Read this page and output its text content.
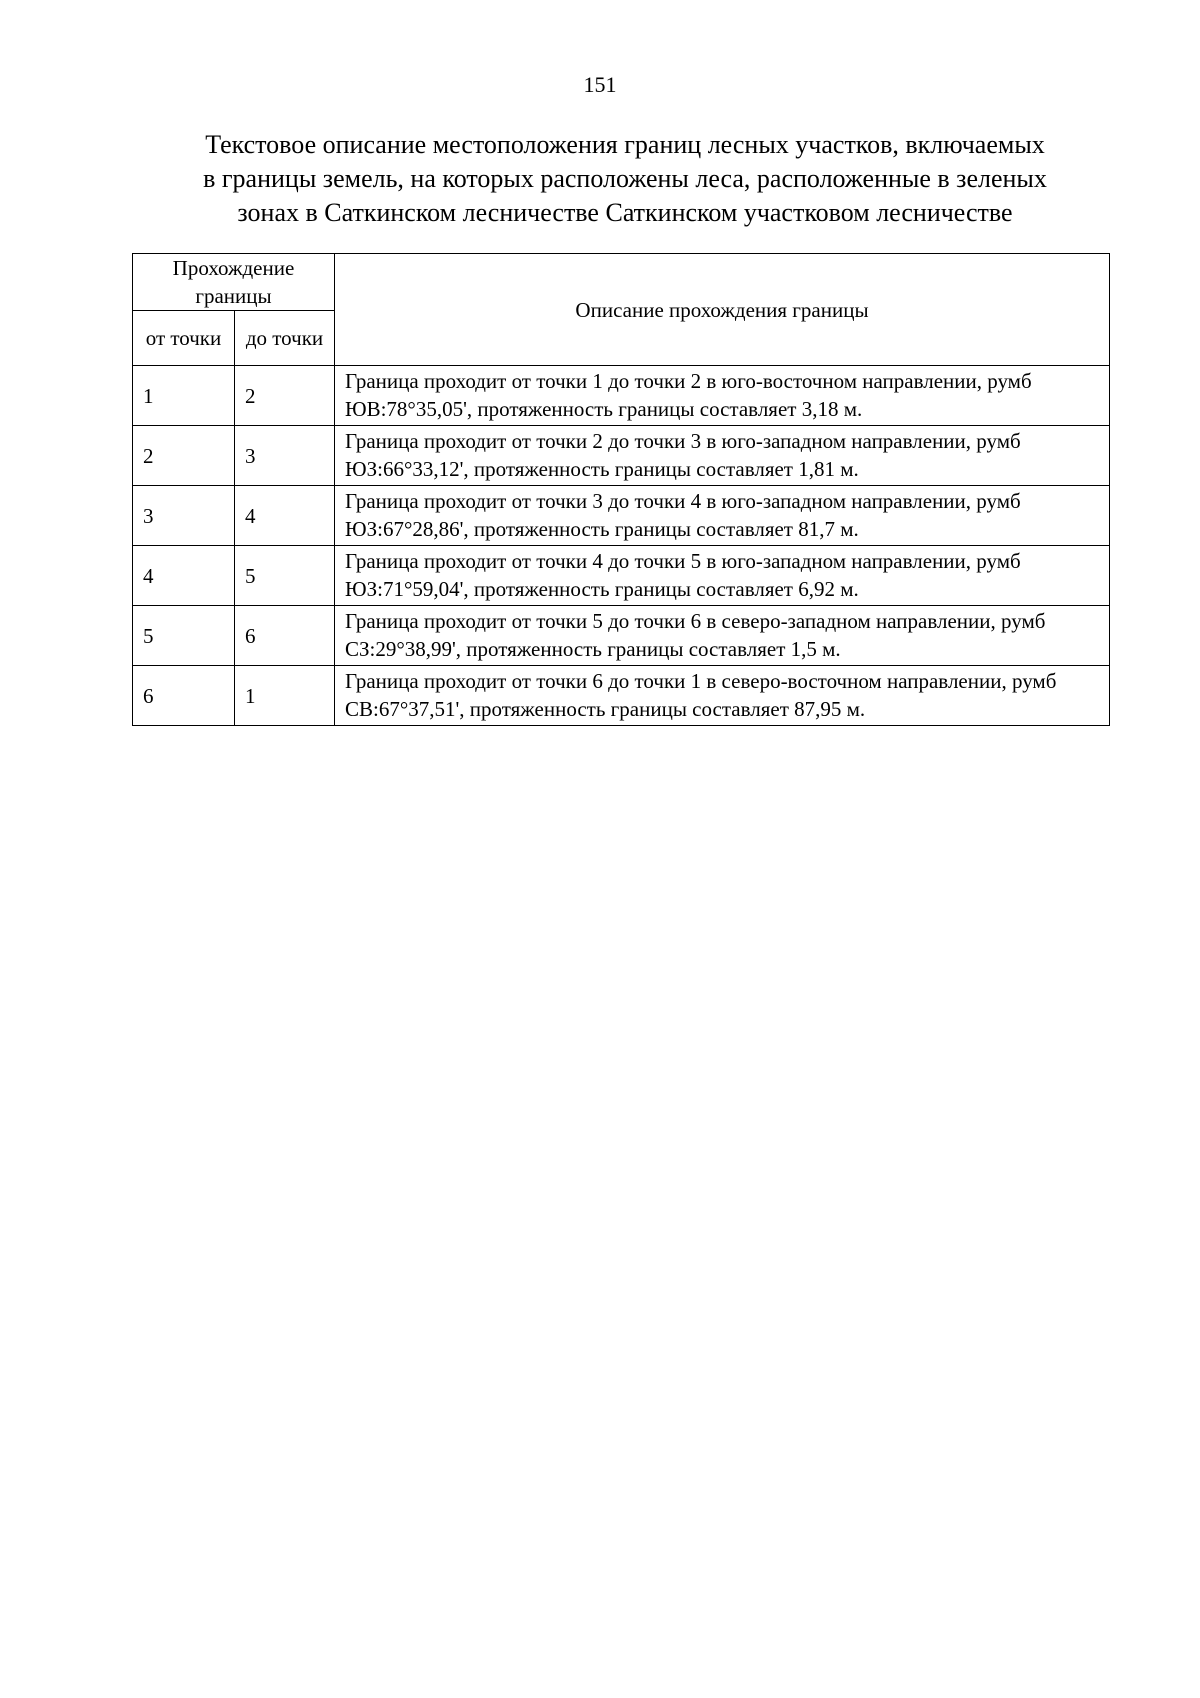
151
Текстовое описание местоположения границ лесных участков, включаемых
в границы земель, на которых расположены леса, расположенные в зеленых
зонах в Саткинском лесничестве Саткинском участковом лесничестве
Прохождение границы		Описание прохождения границы
от точки	до точки	
1	2	Граница проходит от точки 1 до точки 2 в юго-восточном направлении, румб ЮВ:78°35,05', протяженность границы составляет 3,18 м.
2	3	Граница проходит от точки 2 до точки 3 в юго-западном направлении, румб ЮЗ:66°33,12', протяженность границы составляет 1,81 м.
3	4	Граница проходит от точки 3 до точки 4 в юго-западном направлении, румб ЮЗ:67°28,86', протяженность границы составляет 81,7 м.
4	5	Граница проходит от точки 4 до точки 5 в юго-западном направлении, румб ЮЗ:71°59,04', протяженность границы составляет 6,92 м.
5	6	Граница проходит от точки 5 до точки 6 в северо-западном направлении, румб СЗ:29°38,99', протяженность границы составляет 1,5 м.
6	1	Граница проходит от точки 6 до точки 1 в северо-восточном направлении, румб СВ:67°37,51', протяженность границы составляет 87,95 м.
